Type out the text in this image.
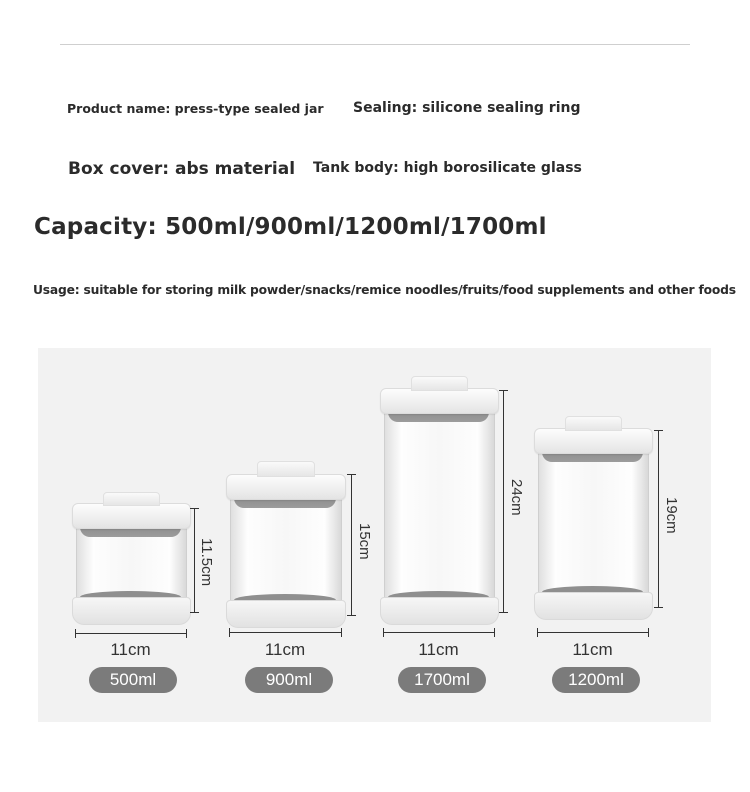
Product name: press-type sealed jar Sealing: silicone sealing ring
Box cover: abs material Tank body: high borosilicate glass
Capacity: 500ml/900ml/1200ml/1700ml
Usage: suitable for storing milk powder/snacks/remice noodles/fruits/food supplements and other foods
11.5cm
11cm
500ml
15cm
11cm
900ml
24cm
11cm
1700ml
19cm
11cm
1200ml
